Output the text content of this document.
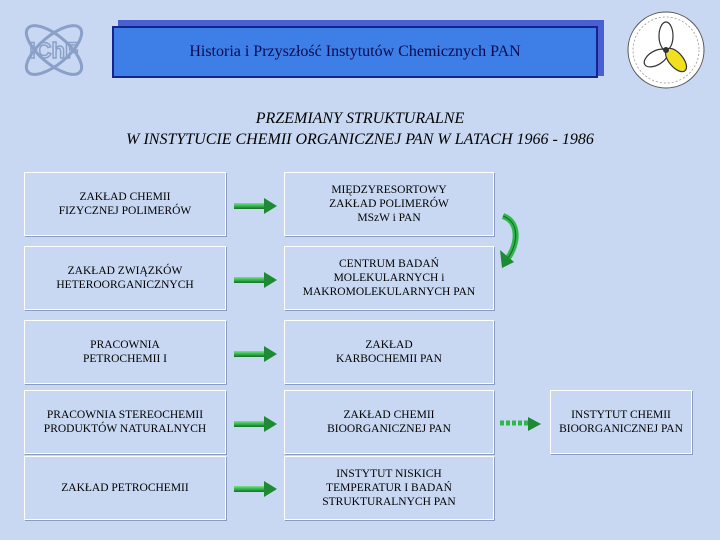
IChF	Historia i Przyszłość Instytutów Chemicznych PAN
PRZEMIANY STRUKTURALNE
W INSTYTUCIE CHEMII ORGANICZNEJ PAN W LATACH 1966 - 1986
ZAKŁAD CHEMII
FIZYCZNEJ POLIMERÓW
ZAKŁAD ZWIĄZKÓW
HETEROORGANICZNYCH
PRACOWNIA
PETROCHEMII I
PRACOWNIA STEREOCHEMII
PRODUKTÓW NATURALNYCH
ZAKŁAD PETROCHEMII
MIĘDZYRESORTOWY
ZAKŁAD POLIMERÓW
MSzW i PAN
CENTRUM BADAŃ
MOLEKULARNYCH i
MAKROMOLEKULARNYCH PAN
ZAKŁAD
KARBOCHEMII PAN
ZAKŁAD CHEMII
BIOORGANICZNEJ PAN
INSTYTUT NISKICH
TEMPERATUR I BADAŃ
STRUKTURALNYCH PAN
INSTYTUT CHEMII
BIOORGANICZNEJ PAN
